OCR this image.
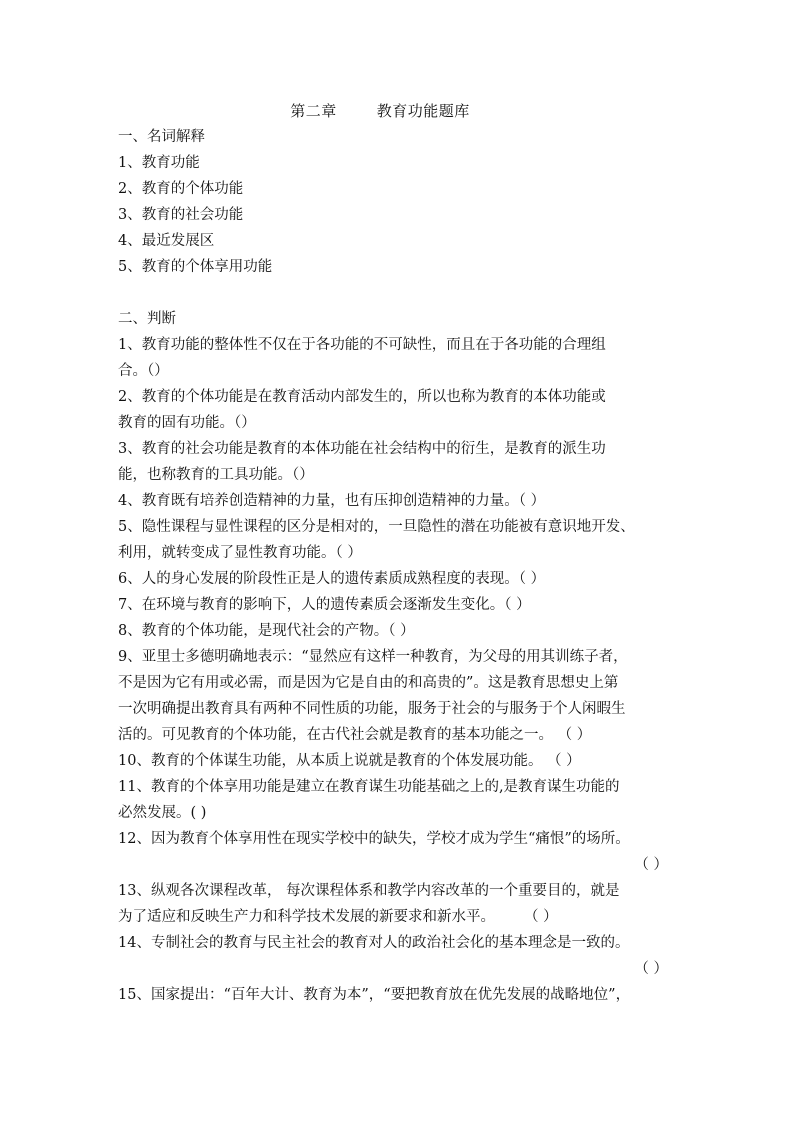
第二章	教育功能题库
一、名词解释
1、教育功能
2、教育的个体功能
3、教育的社会功能
4、最近发展区
5、教育的个体享用功能
二、判断
1、教育功能的整体性不仅在于各功能的不可缺性，而且在于各功能的合理组
合。（）
2、教育的个体功能是在教育活动内部发生的，所以也称为教育的本体功能或
教育的固有功能。（）
3、教育的社会功能是教育的本体功能在社会结构中的衍生，是教育的派生功
能，也称教育的工具功能。（）
4、教育既有培养创造精神的力量，也有压抑创造精神的力量。（ ）
5、隐性课程与显性课程的区分是相对的，一旦隐性的潜在功能被有意识地开发、
利用，就转变成了显性教育功能。（ ）
6、人的身心发展的阶段性正是人的遗传素质成熟程度的表现。（ ）
7、在环境与教育的影响下，人的遗传素质会逐渐发生变化。（ ）
8、教育的个体功能，是现代社会的产物。（ ）
9、亚里士多德明确地表示：“显然应有这样一种教育，为父母的用其训练子者，
不是因为它有用或必需，而是因为它是自由的和高贵的”。这是教育思想史上第
一次明确提出教育具有两种不同性质的功能，服务于社会的与服务于个人闲暇生
活的。可见教育的个体功能，在古代社会就是教育的基本功能之一。 （ ）
10、教育的个体谋生功能，从本质上说就是教育的个体发展功能。 （ ）
11、教育的个体享用功能是建立在教育谋生功能基础之上的,是教育谋生功能的
必然发展。( )
12、因为教育个体享用性在现实学校中的缺失，学校才成为学生“痛恨”的场所。
（ ）
13、纵观各次课程改革， 每次课程体系和教学内容改革的一个重要目的，就是
为了适应和反映生产力和科学技术发展的新要求和新水平。　　　（ ）
14、专制社会的教育与民主社会的教育对人的政治社会化的基本理念是一致的。
（ ）
15、国家提出：“百年大计、教育为本”，“要把教育放在优先发展的战略地位”，
